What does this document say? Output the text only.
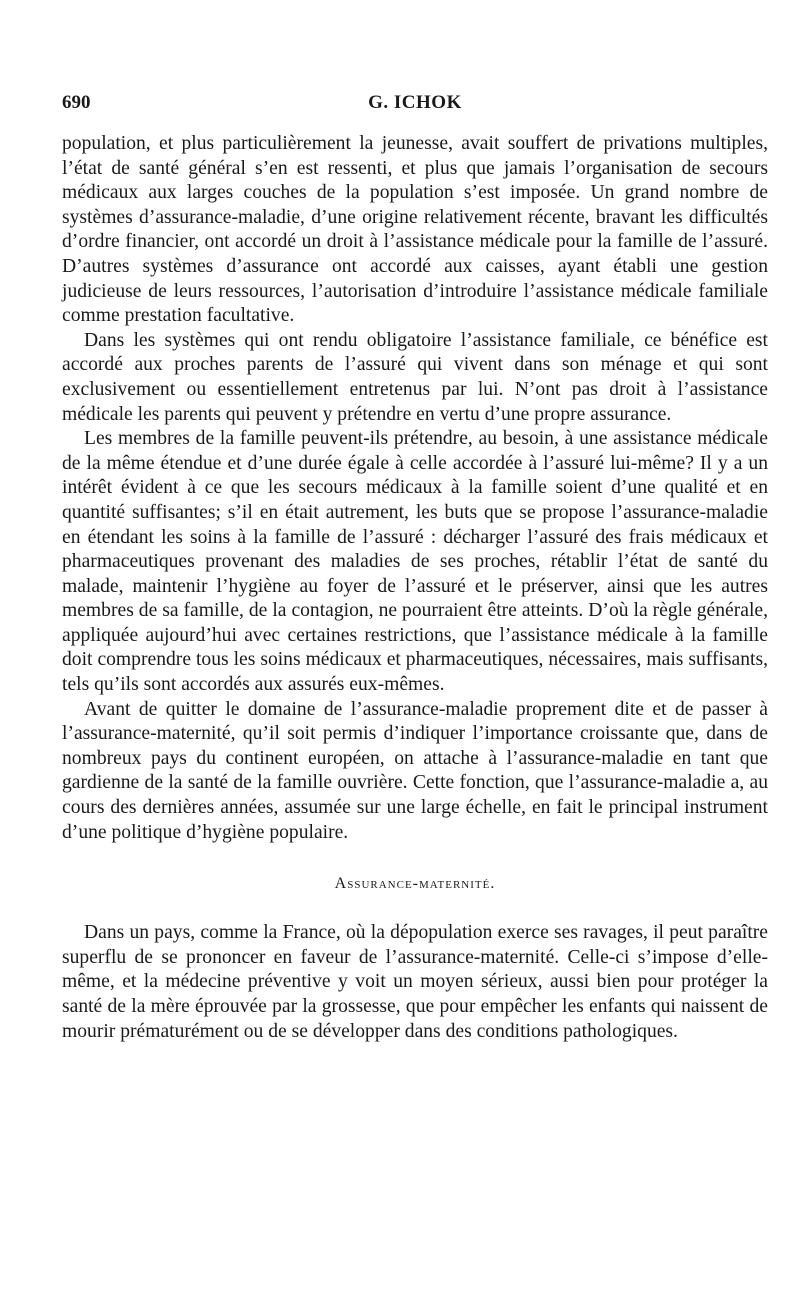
690	G. ICHOK

population, et plus particulièrement la jeunesse, avait souffert de privations multiples, l’état de santé général s’en est ressenti, et plus que jamais l’organisation de secours médicaux aux larges couches de la population s’est imposée. Un grand nombre de systèmes d’assurance-maladie, d’une origine relativement récente, bravant les difficultés d’ordre financier, ont accordé un droit à l’assistance médicale pour la famille de l’assuré. D’autres systèmes d’assurance ont accordé aux caisses, ayant établi une gestion judicieuse de leurs ressources, l’autorisation d’introduire l’assistance médicale familiale comme prestation facultative.

Dans les systèmes qui ont rendu obligatoire l’assistance familiale, ce bénéfice est accordé aux proches parents de l’assuré qui vivent dans son ménage et qui sont exclusivement ou essentiellement entretenus par lui. N’ont pas droit à l’assistance médicale les parents qui peuvent y prétendre en vertu d’une propre assurance.

Les membres de la famille peuvent-ils prétendre, au besoin, à une assistance médicale de la même étendue et d’une durée égale à celle accordée à l’assuré lui-même? Il y a un intérêt évident à ce que les secours médicaux à la famille soient d’une qualité et en quantité suffisantes; s’il en était autrement, les buts que se propose l’assurance-maladie en étendant les soins à la famille de l’assuré : décharger l’assuré des frais médicaux et pharmaceutiques provenant des maladies de ses proches, rétablir l’état de santé du malade, maintenir l’hygiène au foyer de l’assuré et le préserver, ainsi que les autres membres de sa famille, de la contagion, ne pourraient être atteints. D’où la règle générale, appliquée aujourd’hui avec certaines restrictions, que l’assistance médicale à la famille doit comprendre tous les soins médicaux et pharmaceutiques, nécessaires, mais suffisants, tels qu’ils sont accordés aux assurés eux-mêmes.

Avant de quitter le domaine de l’assurance-maladie proprement dite et de passer à l’assurance-maternité, qu’il soit permis d’indiquer l’importance croissante que, dans de nombreux pays du continent européen, on attache à l’assurance-maladie en tant que gardienne de la santé de la famille ouvrière. Cette fonction, que l’assurance-maladie a, au cours des dernières années, assumée sur une large échelle, en fait le principal instrument d’une politique d’hygiène populaire.

Assurance-maternité.

Dans un pays, comme la France, où la dépopulation exerce ses ravages, il peut paraître superflu de se prononcer en faveur de l’assurance-maternité. Celle-ci s’impose d’elle-même, et la médecine préventive y voit un moyen sérieux, aussi bien pour protéger la santé de la mère éprouvée par la grossesse, que pour empêcher les enfants qui naissent de mourir prématurément ou de se développer dans des conditions pathologiques.
